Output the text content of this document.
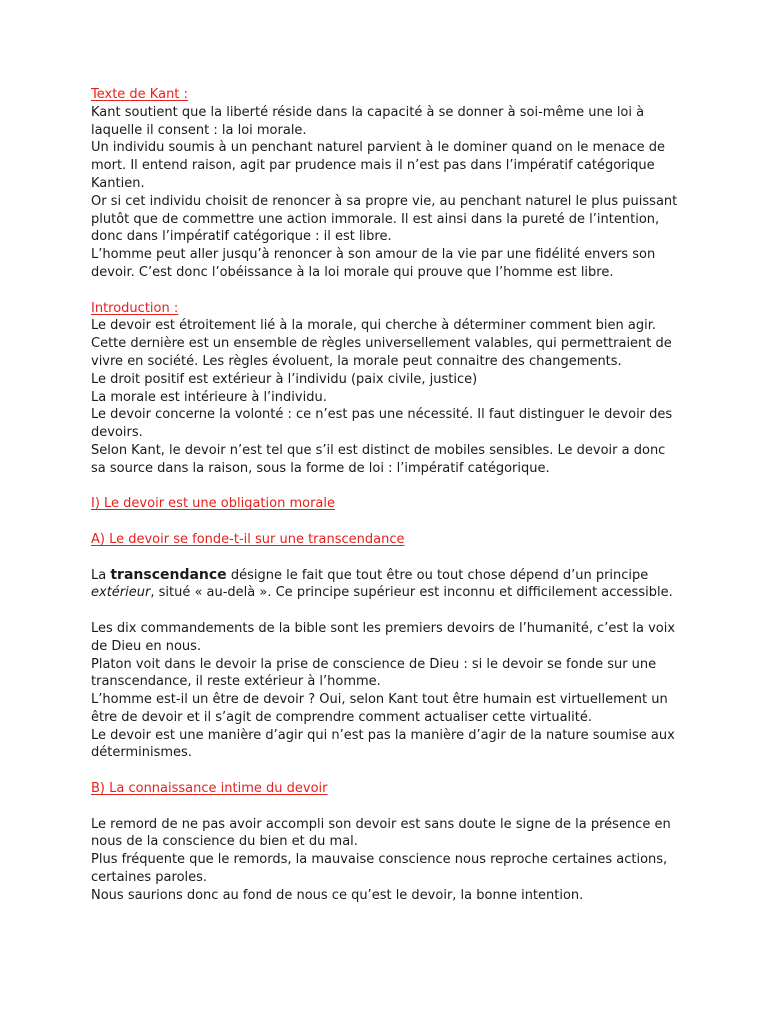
Texte de Kant :

Kant soutient que la liberté réside dans la capacité à se donner à soi-même une loi à laquelle il consent : la loi morale.

Un individu soumis à un penchant naturel parvient à le dominer quand on le menace de mort. Il entend raison, agit par prudence mais il n’est pas dans l’impératif catégorique Kantien.

Or si cet individu choisit de renoncer à sa propre vie, au penchant naturel le plus puissant plutôt que de commettre une action immorale. Il est ainsi dans la pureté de l’intention, donc dans l’impératif catégorique : il est libre.

L’homme peut aller jusqu’à renoncer à son amour de la vie par une fidélité envers son devoir. C’est donc l’obéissance à la loi morale qui prouve que l’homme est libre.

Introduction :

Le devoir est étroitement lié à la morale, qui cherche à déterminer comment bien agir. Cette dernière est un ensemble de règles universellement valables, qui permettraient de vivre en société. Les règles évoluent, la morale peut connaitre des changements.

Le droit positif est extérieur à l’individu (paix civile, justice)

La morale est intérieure à l’individu.

Le devoir concerne la volonté : ce n’est pas une nécessité. Il faut distinguer le devoir des devoirs.

Selon Kant, le devoir n’est tel que s’il est distinct de mobiles sensibles. Le devoir a donc sa source dans la raison, sous la forme de loi : l’impératif catégorique.

I) Le devoir est une obligation morale

A) Le devoir se fonde-t-il sur une transcendance

La transcendance désigne le fait que tout être ou tout chose dépend d’un principe extérieur, situé « au-delà ». Ce principe supérieur est inconnu et difficilement accessible.

Les dix commandements de la bible sont les premiers devoirs de l’humanité, c’est la voix de Dieu en nous.

Platon voit dans le devoir la prise de conscience de Dieu : si le devoir se fonde sur une transcendance, il reste extérieur à l’homme.

L’homme est-il un être de devoir ? Oui, selon Kant tout être humain est virtuellement un être de devoir et il s’agit de comprendre comment actualiser cette virtualité.

Le devoir est une manière d’agir qui n’est pas la manière d’agir de la nature soumise aux déterminismes.

B) La connaissance intime du devoir

Le remord de ne pas avoir accompli son devoir est sans doute le signe de la présence en nous de la conscience du bien et du mal.

Plus fréquente que le remords, la mauvaise conscience nous reproche certaines actions, certaines paroles.

Nous saurions donc au fond de nous ce qu’est le devoir, la bonne intention.
